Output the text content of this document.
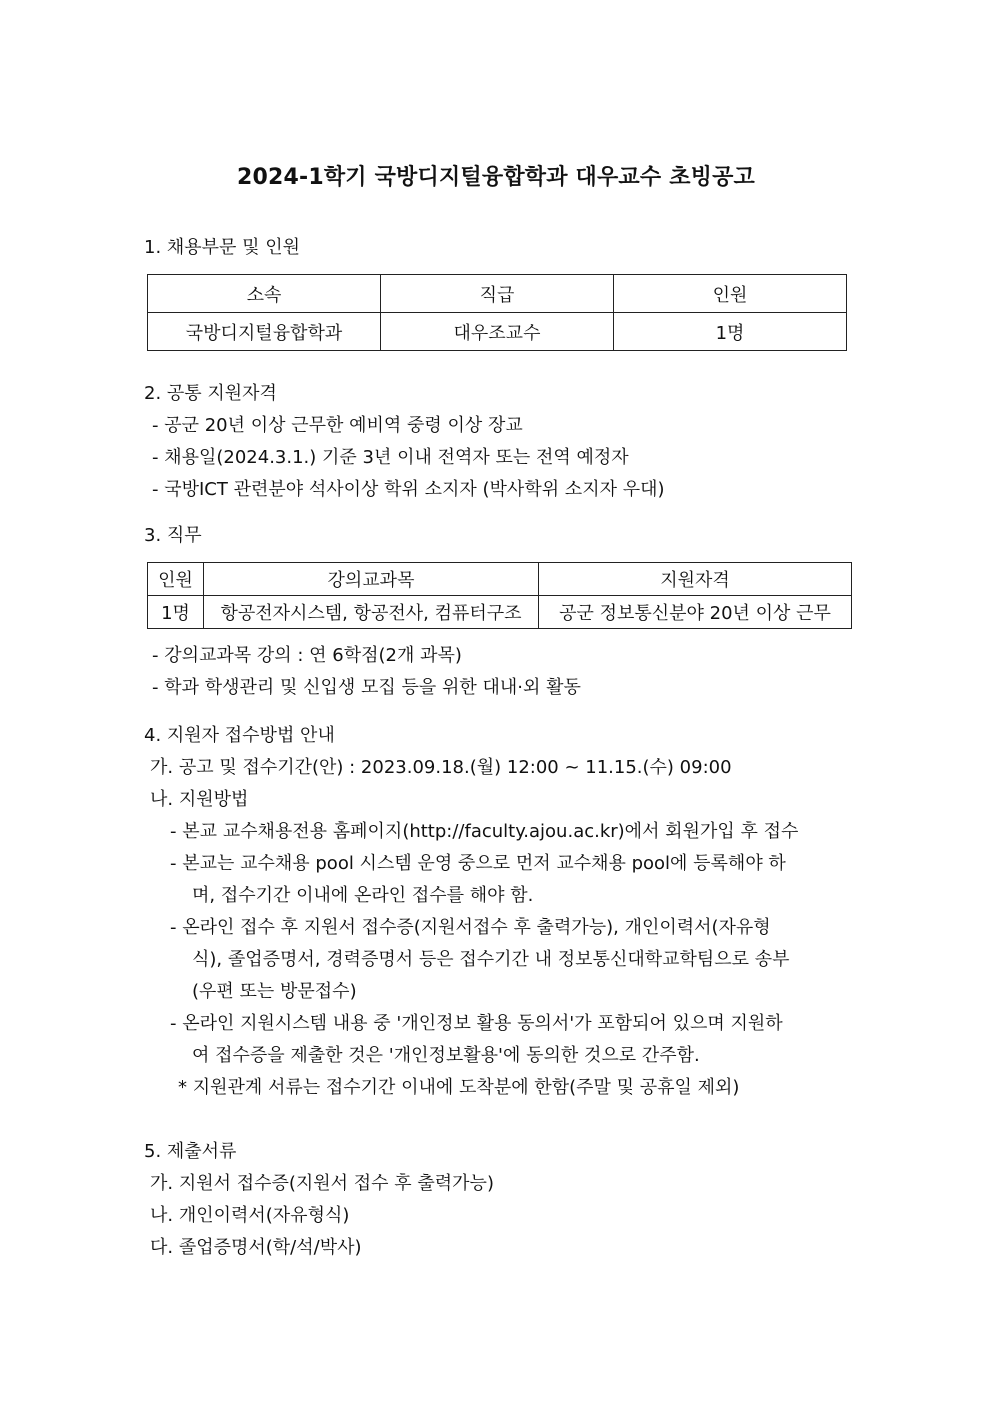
2024-1학기 국방디지털융합학과 대우교수 초빙공고
1. 채용부문 및 인원
소속	직급	인원
국방디지털융합학과	대우조교수	1명
2. 공통 지원자격
- 공군 20년 이상 근무한 예비역 중령 이상 장교
- 채용일(2024.3.1.) 기준 3년 이내 전역자 또는 전역 예정자
- 국방ICT 관련분야 석사이상 학위 소지자 (박사학위 소지자 우대)
3. 직무
인원	강의교과목	지원자격
1명	항공전자시스템, 항공전사, 컴퓨터구조	공군 정보통신분야 20년 이상 근무
- 강의교과목 강의 : 연 6학점(2개 과목)
- 학과 학생관리 및 신입생 모집 등을 위한 대내·외 활동
4. 지원자 접수방법 안내
가. 공고 및 접수기간(안) : 2023.09.18.(월) 12:00 ~ 11.15.(수) 09:00
나. 지원방법
- 본교 교수채용전용 홈페이지(http://faculty.ajou.ac.kr)에서 회원가입 후 접수
- 본교는 교수채용 pool 시스템 운영 중으로 먼저 교수채용 pool에 등록해야 하
며, 접수기간 이내에 온라인 접수를 해야 함.
- 온라인 접수 후 지원서 접수증(지원서접수 후 출력가능), 개인이력서(자유형
식), 졸업증명서, 경력증명서 등은 접수기간 내 정보통신대학교학팀으로 송부
(우편 또는 방문접수)
- 온라인 지원시스템 내용 중 '개인정보 활용 동의서'가 포함되어 있으며 지원하
여 접수증을 제출한 것은 '개인정보활용'에 동의한 것으로 간주함.
* 지원관계 서류는 접수기간 이내에 도착분에 한함(주말 및 공휴일 제외)
5. 제출서류
가. 지원서 접수증(지원서 접수 후 출력가능)
나. 개인이력서(자유형식)
다. 졸업증명서(학/석/박사)
